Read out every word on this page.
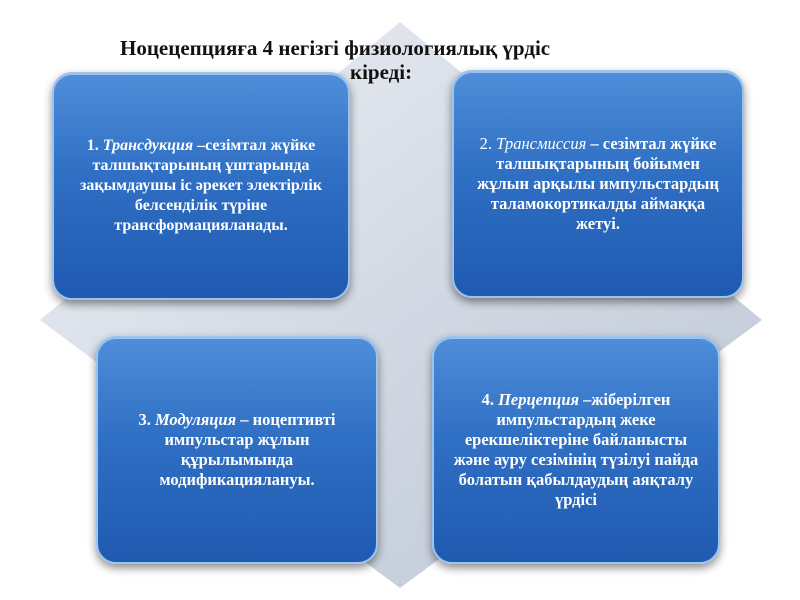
Ноцецепцияға 4 негізгі физиологиялық үрдіс
кіреді:
1. Трансдукция –сезімтал жүйке талшықтарының ұштарында зақымдаушы іс әрекет электірлік белсенділік түріне трансформацияланады.
2. Трансмиссия – сезімтал жүйке талшықтарының бойымен жұлын арқылы импульстардың таламокортикалды аймаққа жетуі.
3. Модуляция – ноцептивті импульстар жұлын құрылымында модификациялануы.
4. Перцепция –жіберілген импульстардың жеке ерекшеліктеріне байланысты және ауру сезімінің түзілуі пайда болатын қабылдаудың аяқталу үрдісі
